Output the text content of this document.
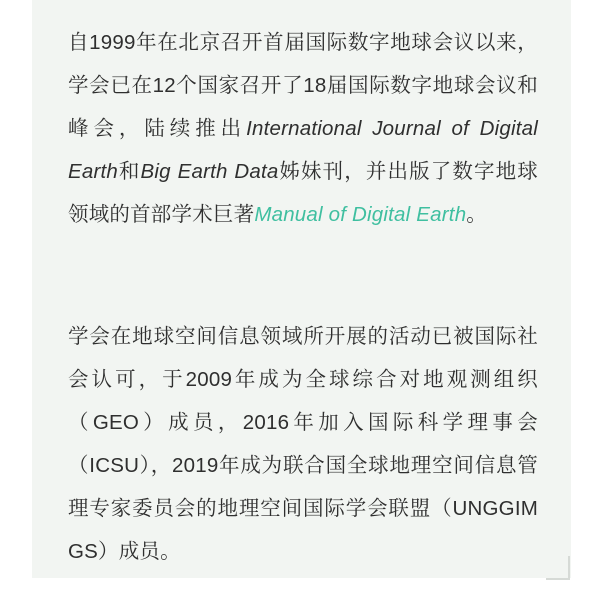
自1999年在北京召开首届国际数字地球会议以来，学会已在12个国家召开了18届国际数字地球会议和峰会，陆续推出International Journal of Digital Earth和Big Earth Data姊妹刊，并出版了数字地球领域的首部学术巨著Manual of Digital Earth。

学会在地球空间信息领域所开展的活动已被国际社会认可，于2009年成为全球综合对地观测组织（GEO）成员，2016年加入国际科学理事会（ICSU），2019年成为联合国全球地理空间信息管理专家委员会的地理空间国际学会联盟（UNGGIM GS）成员。
